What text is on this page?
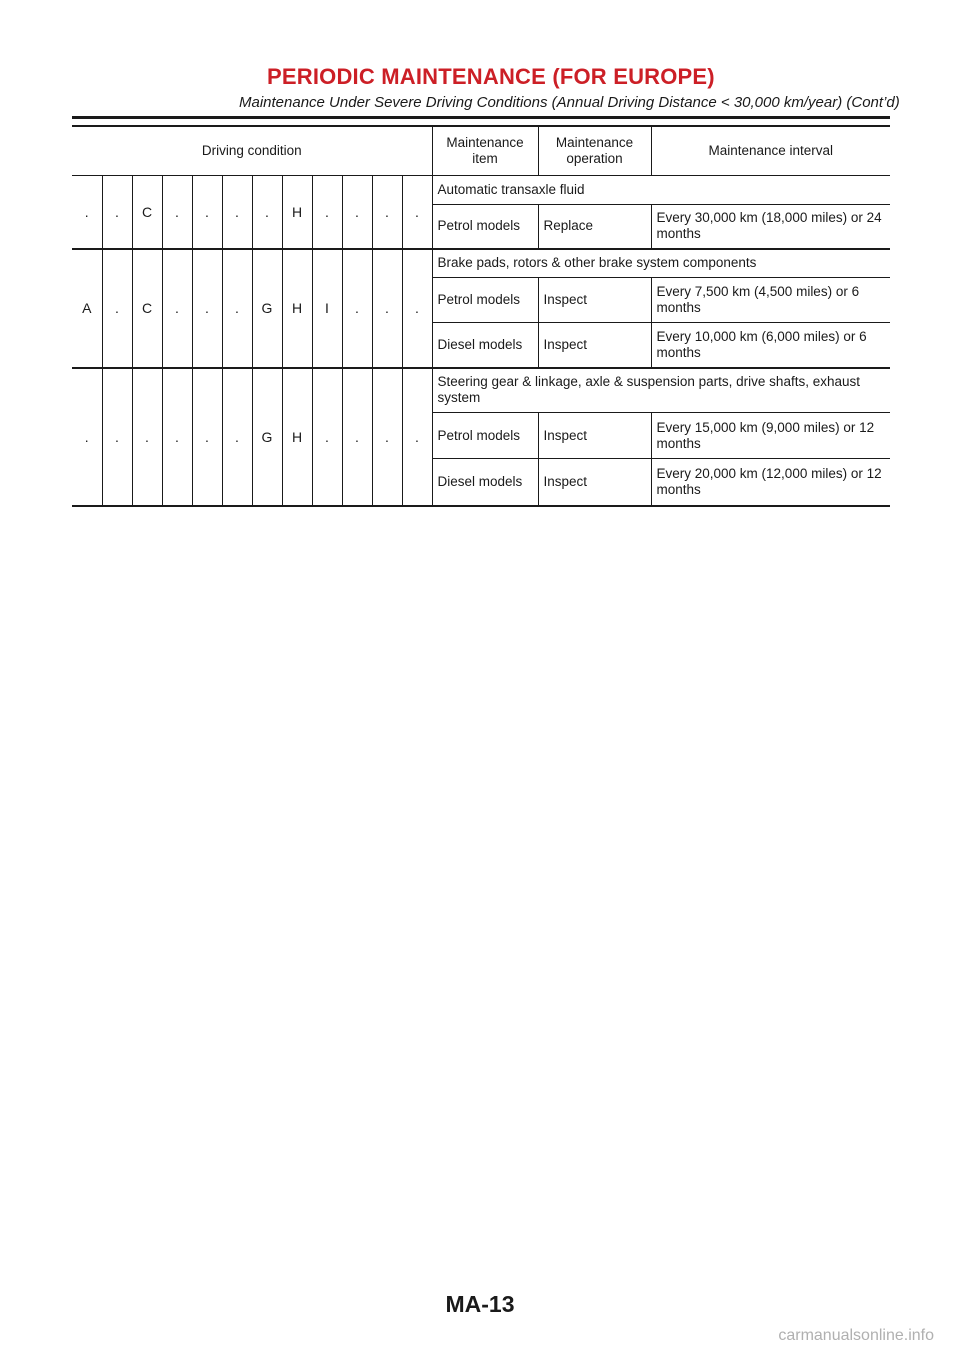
PERIODIC MAINTENANCE (FOR EUROPE)
Maintenance Under Severe Driving Conditions (Annual Driving Distance < 30,000 km/year) (Cont’d)
Driving condition												Maintenance item	Maintenance operation	Maintenance interval
.	.	C	.	.	.	.	H	.	.	.	.	Automatic transaxle fluid		
												Petrol models	Replace	Every 30,000 km (18,000 miles) or 24 months
A	.	C	.	.	.	G	H	I	.	.	.	Brake pads, rotors & other brake system components		
												Petrol models	Inspect	Every 7,500 km (4,500 miles) or 6 months
												Diesel models	Inspect	Every 10,000 km (6,000 miles) or 6 months
.	.	.	.	.	.	G	H	.	.	.	.	Steering gear & linkage, axle & suspension parts, drive shafts, exhaust system		
												Petrol models	Inspect	Every 15,000 km (9,000 miles) or 12 months
												Diesel models	Inspect	Every 20,000 km (12,000 miles) or 12 months
MA-13
carmanualsonline.info
